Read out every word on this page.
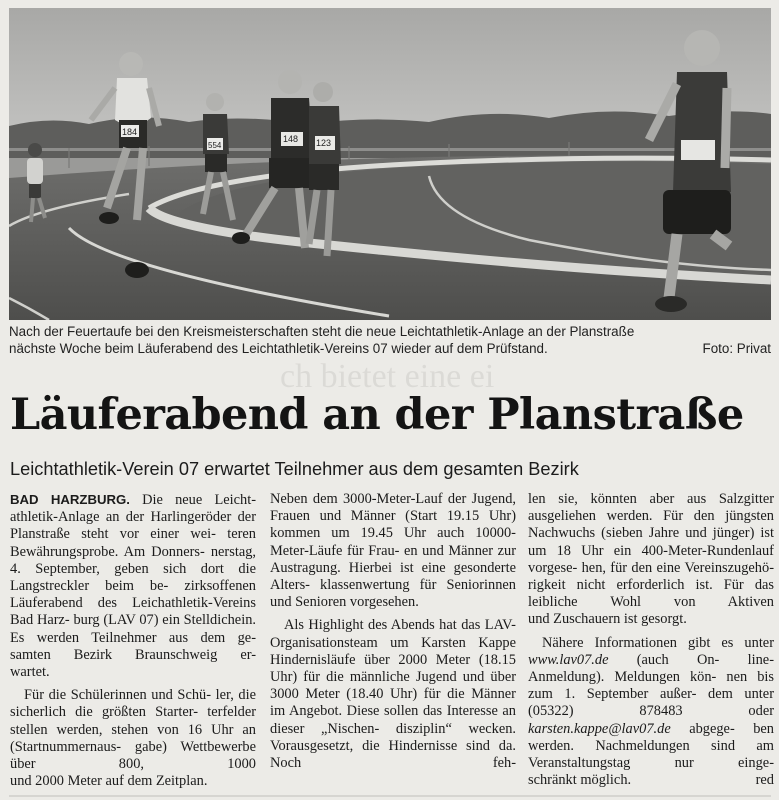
184
554
148 123
Nach der Feuertaufe bei den Kreismeisterschaften steht die neue Leichtathletik-Anlage an der Planstraße
nächste Woche beim Läuferabend des Leichtathletik-Vereins 07 wieder auf dem Prüfstand.	Foto: Privat
ch bietet eine ei
Läuferabend an der Planstraße
Leichtathletik-Verein 07 erwartet Teilnehmer aus dem gesamten Bezirk

BAD HARZBURG. Die neue Leicht- athletik-Anlage an der Harlingeröder der Planstraße steht vor einer wei- teren Bewährungsprobe. Am Donners- nerstag, 4. September, geben sich dort die Langstreckler beim be- zirksoffenen Läuferabend des Leichathletik-Vereins Bad Harz- burg (LAV 07) ein Stelldichein. Es werden Teilnehmer aus dem ge- samten Bezirk Braunschweig er-

wartet.

Für die Schülerinnen und Schü- ler, die sicherlich die größten Starter- terfelder stellen werden, stehen von 16 Uhr an (Startnummernaus- gabe) Wettbewerbe über 800, 1000

und 2000 Meter auf dem Zeitplan.

Neben dem 3000-Meter-Lauf der Jugend, Frauen und Männer (Start 19.15 Uhr) kommen um 19.45 Uhr auch 10000-Meter-Läufe für Frau- en und Männer zur Austragung. Hierbei ist eine gesonderte Alters- klassenwertung für Seniorinnen

und Senioren vorgesehen.

Als Highlight des Abends hat das LAV-Organisationsteam um Karsten Kappe Hindernisläufe über 2000 Meter (18.15 Uhr) für die männliche Jugend und über 3000 Meter (18.40 Uhr) für die Männer im Angebot. Diese sollen das Interesse an dieser „Nischen- disziplin“ wecken. Vorausgesetzt, die Hindernisse sind da. Noch feh-

len sie, könnten aber aus Salzgitter ausgeliehen werden. Für den jüngsten Nachwuchs (sieben Jahre und jünger) ist um 18 Uhr ein 400-Meter-Rundenlauf vorgese- hen, für den eine Vereinszugehö- rigkeit nicht erforderlich ist. Für das leibliche Wohl von Aktiven

und Zuschauern ist gesorgt.

Nähere Informationen gibt es unter www.lav07.de (auch On- line-Anmeldung). Meldungen kön- nen bis zum 1. September außer- dem unter (05322) 878483 oder karsten.kappe@lav07.de abgege- ben werden. Nachmeldungen sind am Veranstaltungstag nur einge-

schränkt möglich.	red
